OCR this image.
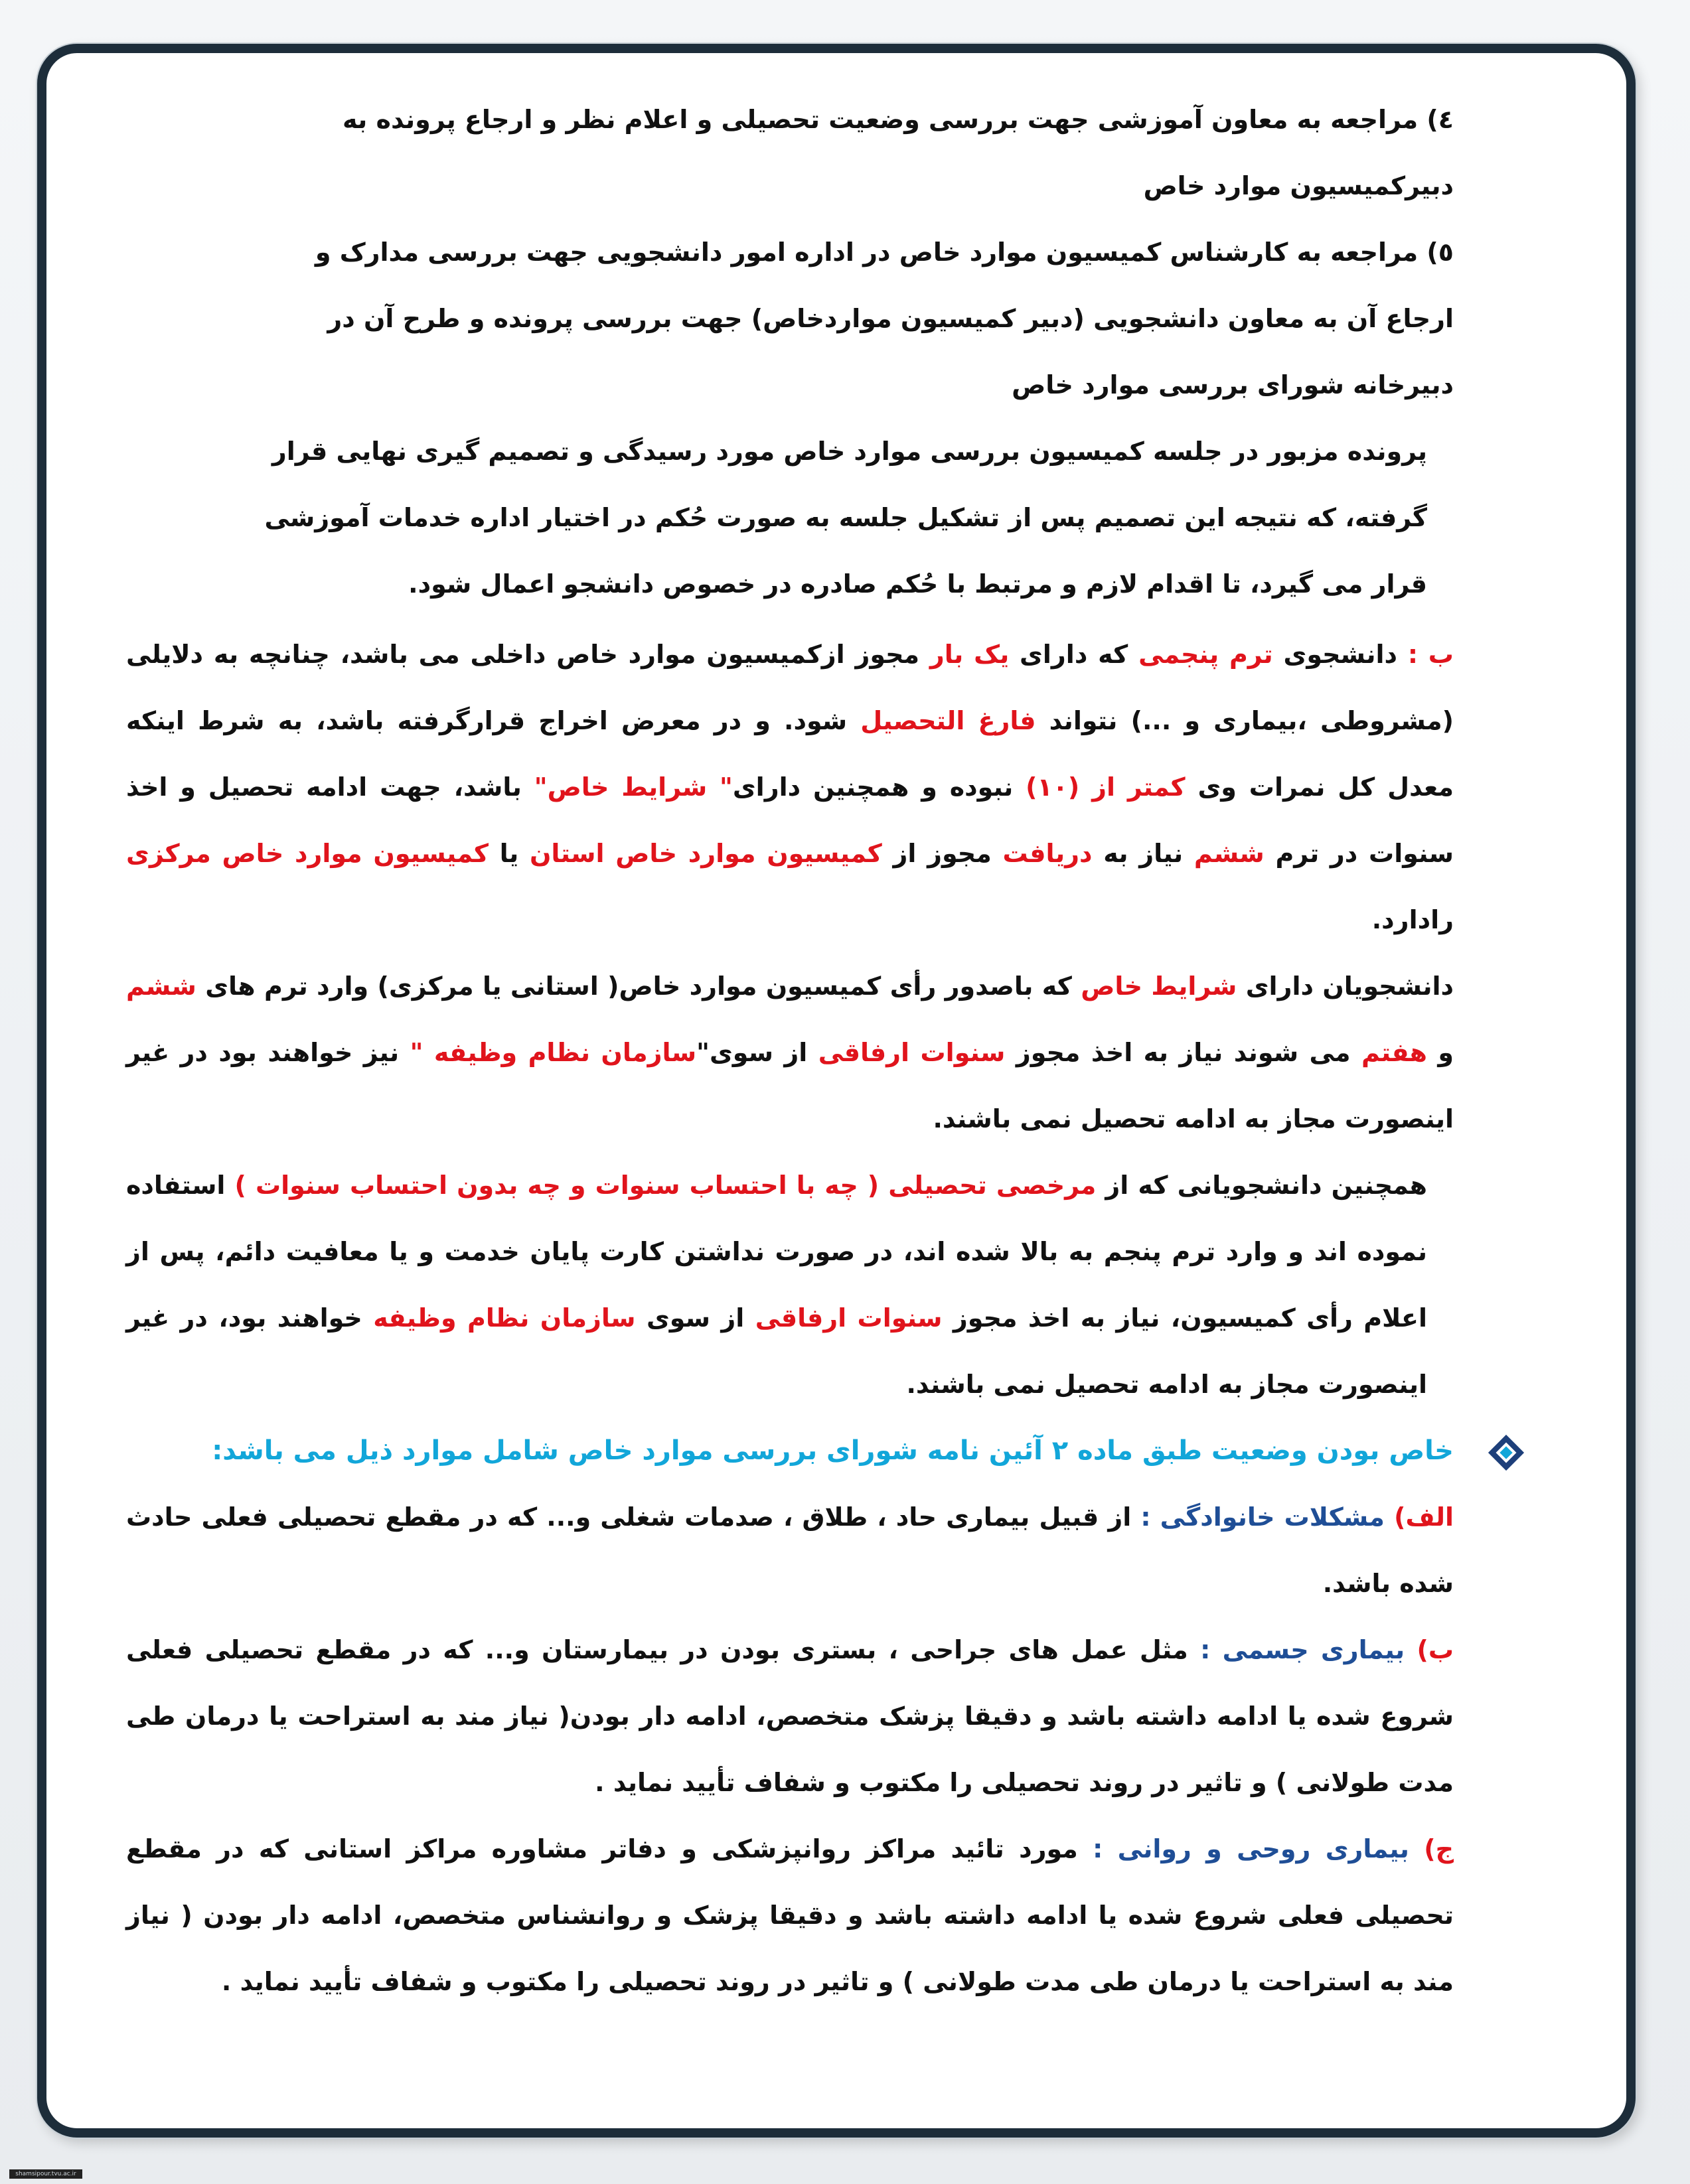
٤) مراجعه به معاون آموزشی جهت بررسی وضعیت تحصیلی و اعلام نظر و ارجاع پرونده به

دبیرکمیسیون موارد خاص

٥) مراجعه به کارشناس کمیسیون موارد خاص در اداره امور دانشجویی جهت بررسی مدارک و

ارجاع آن به معاون دانشجویی (دبیر کمیسیون مواردخاص) جهت بررسی پرونده و طرح آن در

دبیرخانه شورای بررسی موارد خاص

پرونده مزبور در جلسه کمیسیون بررسی موارد خاص مورد رسیدگی و تصمیم گیری نهایی قرار

گرفته، که نتیجه این تصمیم پس از تشکیل جلسه به صورت حُکم در اختیار اداره خدمات آموزشی

قرار می گیرد، تا اقدام لازم و مرتبط با حُکم صادره در خصوص دانشجو اعمال شود.

ب : دانشجوی ترم پنجمی که دارای یک بار مجوز ازکمیسیون موارد خاص داخلی می باشد، چنانچه به دلایلی (مشروطی ،بیماری و ...) نتواند فارغ التحصیل شود. و در معرض اخراج قرارگرفته باشد، به شرط اینکه معدل کل نمرات وی کمتر از (۱۰) نبوده و همچنین دارای" شرایط خاص" باشد، جهت ادامه تحصیل و اخذ سنوات در ترم ششم نیاز به دریافت مجوز از کمیسیون موارد خاص استان یا کمیسیون موارد خاص مرکزی رادارد.

دانشجویان دارای شرایط خاص که باصدور رأی کمیسیون موارد خاص( استانی یا مرکزی) وارد ترم های ششم و هفتم می شوند نیاز به اخذ مجوز سنوات ارفاقی از سوی"سازمان نظام وظیفه " نیز خواهند بود در غیر اینصورت مجاز به ادامه تحصیل نمی باشند.

همچنین دانشجویانی که از مرخصی تحصیلی ( چه با احتساب سنوات و چه بدون احتساب سنوات ) استفاده نموده اند و وارد ترم پنجم به بالا شده اند، در صورت نداشتن کارت پایان خدمت و یا معافیت دائم، پس از اعلام رأی کمیسیون، نیاز به اخذ مجوز سنوات ارفاقی از سوی سازمان نظام وظیفه خواهند بود، در غیر اینصورت مجاز به ادامه تحصیل نمی باشند.

خاص بودن وضعیت طبق ماده ۲ آئین نامه شورای بررسی موارد خاص شامل موارد ذیل می باشد:

الف) مشکلات خانوادگی : از قبیل بیماری حاد ، طلاق ، صدمات شغلی و... که در مقطع تحصیلی فعلی حادث شده باشد.

ب) بیماری جسمی : مثل عمل های جراحی ، بستری بودن در بیمارستان و... که در مقطع تحصیلی فعلی شروع شده یا ادامه داشته باشد و دقیقا پزشک متخصص، ادامه دار بودن( نیاز مند به استراحت یا درمان طی مدت طولانی ) و تاثیر در روند تحصیلی را مکتوب و شفاف تأیید نماید .

ج) بیماری روحی و روانی : مورد تائید مراکز روانپزشکی و دفاتر مشاوره مراکز استانی که در مقطع تحصیلی فعلی شروع شده یا ادامه داشته باشد و دقیقا پزشک و روانشناس متخصص، ادامه دار بودن ( نیاز مند به استراحت یا درمان طی مدت طولانی ) و تاثیر در روند تحصیلی را مکتوب و شفاف تأیید نماید .

shamsipour.tvu.ac.ir
